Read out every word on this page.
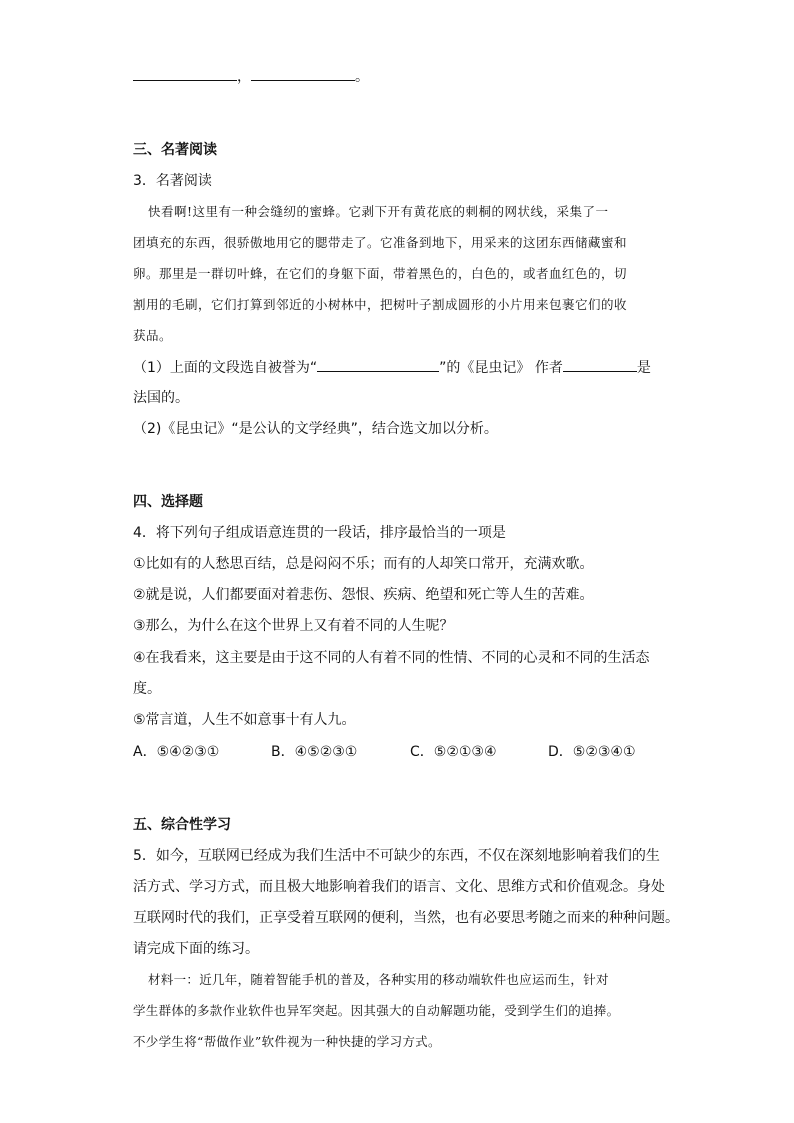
，	。
三、名著阅读
3．名著阅读
快看啊!这里有一种会缝纫的蜜蜂。它剥下开有黄花底的刺桐的网状线，采集了一
团填充的东西，很骄傲地用它的腮带走了。它准备到地下，用采来的这团东西储藏蜜和
卵。那里是一群切叶蜂，在它们的身躯下面，带着黑色的，白色的，或者血红色的，切
割用的毛刷，它们打算到邻近的小树林中，把树叶子割成圆形的小片用来包裹它们的收
获品。
（1）上面的文段选自被誉为“	”的《昆虫记》 作者	是
法国的。
（2)《昆虫记》“是公认的文学经典”，结合选文加以分析。
四、选择题
4．将下列句子组成语意连贯的一段话，排序最恰当的一项是
①比如有的人愁思百结，总是闷闷不乐；而有的人却笑口常开，充满欢歌。
②就是说，人们都要面对着悲伤、怨恨、疾病、绝望和死亡等人生的苦难。
③那么，为什么在这个世界上又有着不同的人生呢？
④在我看来，这主要是由于这不同的人有着不同的性情、不同的心灵和不同的生活态
度。
⑤常言道，人生不如意事十有人九。
A．⑤④②③①	B．④⑤②③①	C．⑤②①③④	D．⑤②③④①
五、综合性学习
5．如今，互联网已经成为我们生活中不可缺少的东西，不仅在深刻地影响着我们的生
活方式、学习方式，而且极大地影响着我们的语言、文化、思维方式和价值观念。身处
互联网时代的我们，正享受着互联网的便利，当然，也有必要思考随之而来的种种问题。
请完成下面的练习。
材料一：近几年，随着智能手机的普及，各种实用的移动端软件也应运而生，针对
学生群体的多款作业软件也异军突起。因其强大的自动解题功能，受到学生们的追捧。
不少学生将“帮做作业”软件视为一种快捷的学习方式。
